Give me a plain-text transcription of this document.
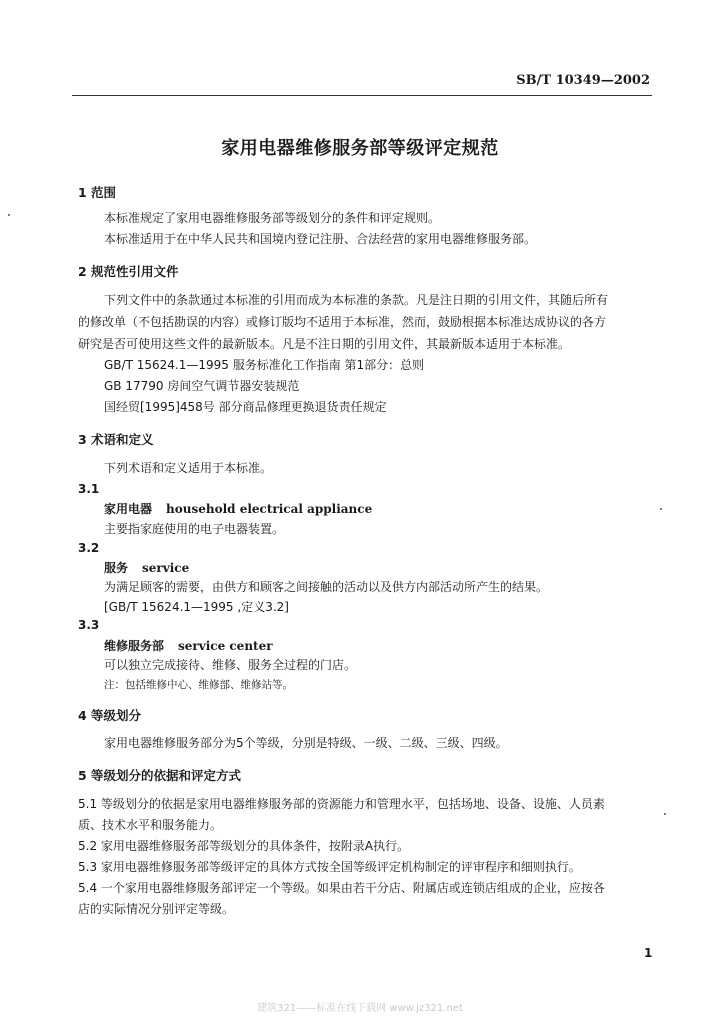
SB/T 10349—2002
家用电器维修服务部等级评定规范
1 范围
本标准规定了家用电器维修服务部等级划分的条件和评定规则。
本标准适用于在中华人民共和国境内登记注册、合法经营的家用电器维修服务部。
2 规范性引用文件
下列文件中的条款通过本标准的引用而成为本标准的条款。凡是注日期的引用文件，其随后所有
的修改单（不包括勘误的内容）或修订版均不适用于本标准，然而，鼓励根据本标准达成协议的各方
研究是否可使用这些文件的最新版本。凡是不注日期的引用文件，其最新版本适用于本标准。
GB/T 15624.1—1995 服务标准化工作指南 第1部分：总则
GB 17790 房间空气调节器安装规范
国经贸[1995]458号 部分商品修理更换退货责任规定
3 术语和定义
下列术语和定义适用于本标准。
3.1
家用电器 household electrical appliance
主要指家庭使用的电子电器装置。
3.2
服务 service
为满足顾客的需要，由供方和顾客之间接触的活动以及供方内部活动所产生的结果。
[GB/T 15624.1—1995 ,定义3.2]
3.3
维修服务部 service center
可以独立完成接待、维修、服务全过程的门店。
注：包括维修中心、维修部、维修站等。
4 等级划分
家用电器维修服务部分为5个等级，分别是特级、一级、二级、三级、四级。
5 等级划分的依据和评定方式
5.1 等级划分的依据是家用电器维修服务部的资源能力和管理水平，包括场地、设备、设施、人员素
质、技术水平和服务能力。
5.2 家用电器维修服务部等级划分的具体条件，按附录A执行。
5.3 家用电器维修服务部等级评定的具体方式按全国等级评定机构制定的评审程序和细则执行。
5.4 一个家用电器维修服务部评定一个等级。如果由若干分店、附属店或连锁店组成的企业，应按各
店的实际情况分别评定等级。
1
建筑321——标准在线下载网 www.jz321.net
